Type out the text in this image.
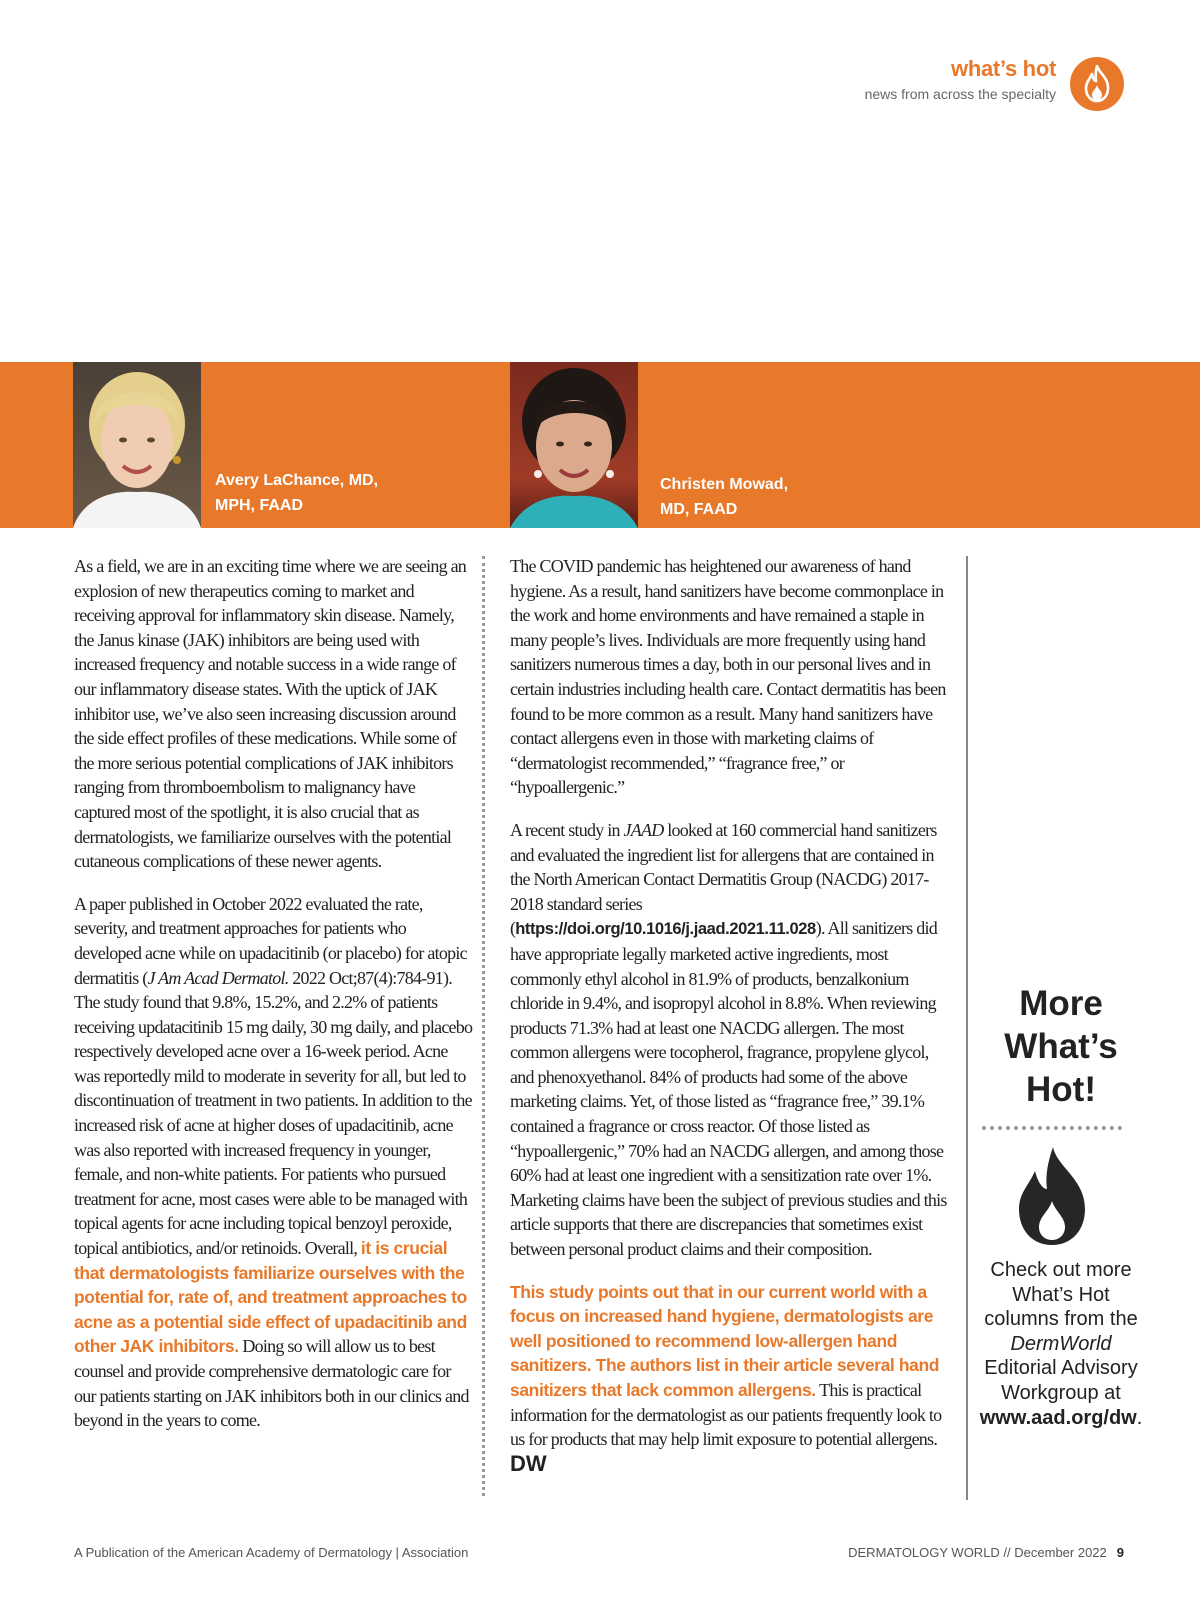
what’s hot
news from across the specialty
Avery LaChance, MD,
MPH, FAAD
Christen Mowad,
MD, FAAD

As a field, we are in an exciting time where we are seeing an explosion of new therapeutics coming to market and receiving approval for inflammatory skin disease. Namely, the Janus kinase (JAK) inhibitors are being used with increased frequency and notable success in a wide range of our inflammatory disease states. With the uptick of JAK inhibitor use, we’ve also seen increasing discussion around the side effect profiles of these medications. While some of the more serious potential complications of JAK inhibitors ranging from thromboembolism to malignancy have captured most of the spotlight, it is also crucial that as dermatologists, we familiarize ourselves with the potential cutaneous complications of these newer agents.

A paper published in October 2022 evaluated the rate, severity, and treatment approaches for patients who developed acne while on upadacitinib (or placebo) for atopic dermatitis (J Am Acad Dermatol. 2022 Oct;87(4):784-91). The study found that 9.8%, 15.2%, and 2.2% of patients receiving updatacitinib 15 mg daily, 30 mg daily, and placebo respectively developed acne over a 16-week period. Acne was reportedly mild to moderate in severity for all, but led to discontinuation of treatment in two patients. In addition to the increased risk of acne at higher doses of upadacitinib, acne was also reported with increased frequency in younger, female, and non-white patients. For patients who pursued treatment for acne, most cases were able to be managed with topical agents for acne including topical benzoyl peroxide, topical antibiotics, and/or retinoids. Overall, it is crucial that dermatologists familiarize ourselves with the potential for, rate of, and treatment approaches to acne as a potential side effect of upadacitinib and other JAK inhibitors. Doing so will allow us to best counsel and provide comprehensive dermatologic care for our patients starting on JAK inhibitors both in our clinics and beyond in the years to come.

The COVID pandemic has heightened our awareness of hand hygiene. As a result, hand sanitizers have become commonplace in the work and home environments and have remained a staple in many people’s lives. Individuals are more frequently using hand sanitizers numerous times a day, both in our personal lives and in certain industries including health care. Contact dermatitis has been found to be more common as a result. Many hand sanitizers have contact allergens even in those with marketing claims of “dermatologist recommended,” “fragrance free,” or “hypoallergenic.”

A recent study in JAAD looked at 160 commercial hand sanitizers and evaluated the ingredient list for allergens that are contained in the North American Contact Dermatitis Group (NACDG) 2017-2018 standard series (https://doi.org/10.1016/j.jaad.2021.11.028). All sanitizers did have appropriate legally marketed active ingredients, most commonly ethyl alcohol in 81.9% of products, benzalkonium chloride in 9.4%, and isopropyl alcohol in 8.8%. When reviewing products 71.3% had at least one NACDG allergen. The most common allergens were tocopherol, fragrance, propylene glycol, and phenoxyethanol. 84% of products had some of the above marketing claims. Yet, of those listed as “fragrance free,” 39.1% contained a fragrance or cross reactor. Of those listed as “hypoallergenic,” 70% had an NACDG allergen, and among those 60% had at least one ingredient with a sensitization rate over 1%. Marketing claims have been the subject of previous studies and this article supports that there are discrepancies that sometimes exist between personal product claims and their composition.

This study points out that in our current world with a focus on increased hand hygiene, dermatologists are well positioned to recommend low-allergen hand sanitizers. The authors list in their article several hand sanitizers that lack common allergens. This is practical information for the dermatologist as our patients frequently look to us for products that may help limit exposure to potential allergens. DW

More What’s Hot!
Check out more What’s Hot columns from the DermWorld Editorial Advisory Workgroup at www.aad.org/dw.
A Publication of the American Academy of Dermatology | Association	DERMATOLOGY WORLD // December 2022 9
